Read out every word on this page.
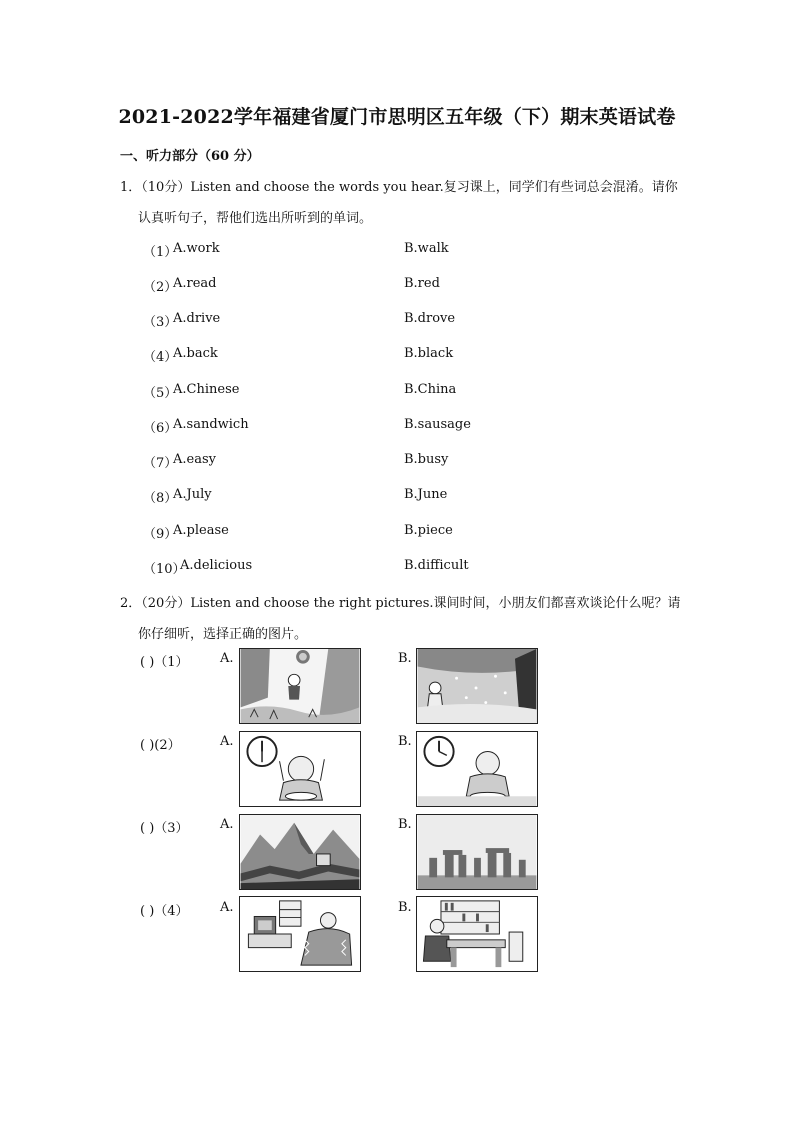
2021-2022学年福建省厦门市思明区五年级（下）期末英语试卷
一、听力部分（60 分）
1．（10分）Listen and choose the words you hear.复习课上，同学们有些词总会混淆。请你
认真听句子，帮他们选出所听到的单词。
（1）
A.work	B.walk
（2）
A.read	B.red
（3）
A.drive	B.drove
（4）
A.back	B.black
（5）
A.Chinese	B.China
（6）
A.sandwich	B.sausage
（7）
A.easy	B.busy
（8）
A.July	B.June
（9）
A.please	B.piece
（10）
A.delicious	B.difficult
2．（20分）Listen and choose the right pictures.课间时间，小朋友们都喜欢谈论什么呢？请
你仔细听，选择正确的图片。
( )（1） A.	B.
( )(2）	A.	B.
( )（3） A.	B.
( )（4） A.	B.
